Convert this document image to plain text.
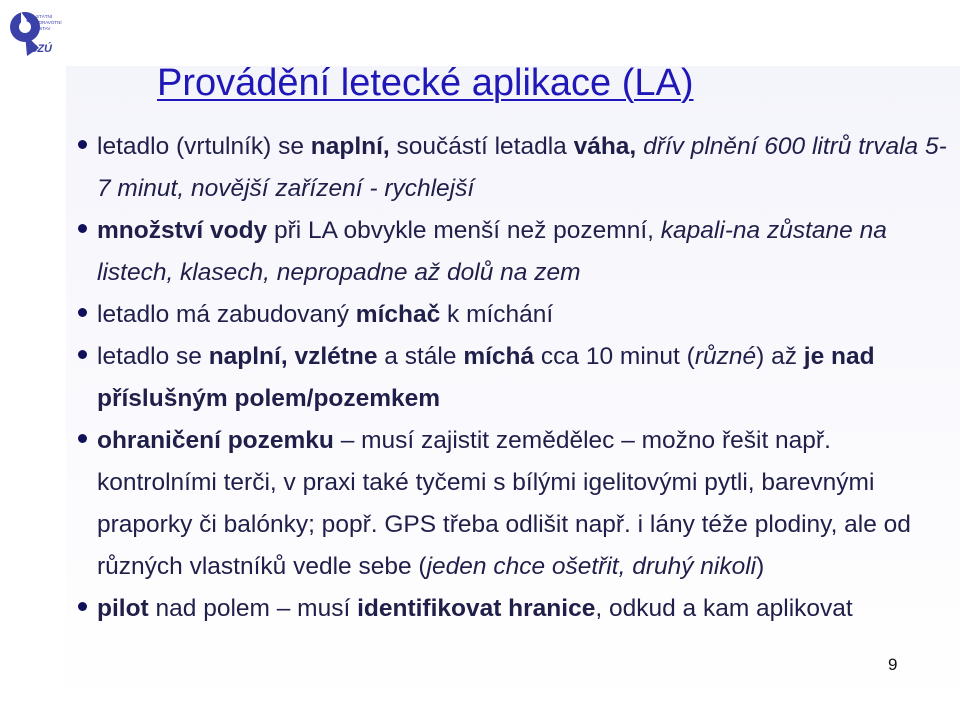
STÁTNÍ
ZDRAVOTNÍ
ÚSTAV
SZÚ
Provádění letecké aplikace (LA)
letadlo (vrtulník) se naplní, součástí letadla váha, dřív plnění 600 litrů trvala 5-7 minut, novější zařízení - rychlejší
množství vody při LA obvykle menší než pozemní, kapali-na zůstane na listech, klasech, nepropadne až dolů na zem
letadlo má zabudovaný míchač k míchání
letadlo se naplní, vzlétne a stále míchá cca 10 minut (různé) až je nad příslušným polem/pozemkem
ohraničení pozemku – musí zajistit zemědělec – možno řešit např. kontrolními terči, v praxi také tyčemi s bílými igelitovými pytli, barevnými praporky či balónky; popř. GPS třeba odlišit např. i lány téže plodiny, ale od různých vlastníků vedle sebe (jeden chce ošetřit, druhý nikoli)
pilot nad polem – musí identifikovat hranice, odkud a kam aplikovat
9
